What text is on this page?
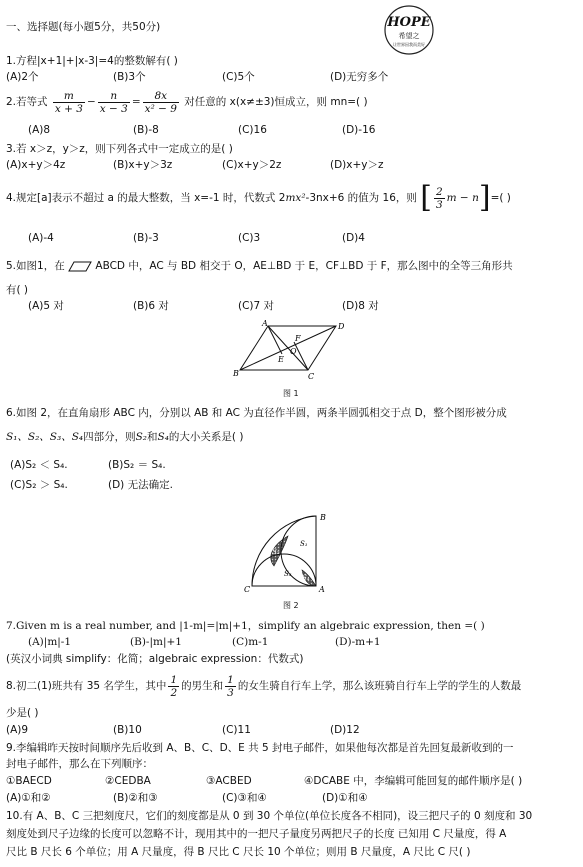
一、选择题(每小题5分，共50分)	HOPE
希望之
让世界因我而美好
1.方程|x+1|+|x-3|=4的整数解有( )
(A)2个	(B)3个	(C)5个	(D)无穷多个
2.若等式 $\frac{m}{x + 3} - \frac{n}{x - 3} = \frac{8x}{\text{x² − 9}}$ 对任意的 x(x≠±3)恒成立，则 mn=( )
(A)8	(B)-8	(C)16	(D)-16
3.若 x＞z，y＞z，则下列各式中一定成立的是( )
(A)x+y＞4z	(B)x+y＞3z	(C)x+y＞2z	(D)x+y＞z
4.规定[a]表示不超过 a 的最大整数，当 x=-1 时，代数式 2mx²-3nx+6 的值为 16，则 [ $\frac{2}{3}$ m − n]=( )
(A)-4	(B)-3	(C)3	(D)4
5.如图1，在	ABCD 中，AC 与 BD 相交于 O，AE⊥BD 于 E，CF⊥BD 于 F，那么图中的全等三角形共
有( )
(A)5 对	(B)6 对	(C)7 对	(D)8 对
A	D
B	C
F
O
E
图 1
6.如图 2，在直角扇形 ABC 内，分别以 AB 和 AC 为直径作半圆，两条半圆弧相交于点 D，整个图形被分成
S₁、S₂、S₃、S₄四部分，则S₂和S₄的大小关系是( )
(A)S₂ ＜ S₄.	(B)S₂ ＝ S₄.
(C)S₂ ＞ S₄.	(D) 无法确定.
B
C	A
S₁
S₂
S₃ S₄
图 2
7.Given m is a real number, and |1-m|=|m|+1，simplify an algebraic expression, then =( )
(A)|m|-1	(B)-|m|+1	(C)m-1	(D)-m+1
(英汉小词典 simplify：化简；algebraic expression：代数式)
8.初二(1)班共有 35 名学生，其中 $\frac{1}{2}$ 的男生和 $\frac{1}{3}$ 的女生骑自行车上学，那么该班骑自行车上学的学生的人数最
少是( )
(A)9	(B)10	(C)11	(D)12
9.李编辑昨天按时间顺序先后收到 A、B、C、D、E 共 5 封电子邮件，如果他每次都是首先回复最新收到的一
封电子邮件，那么在下列顺序：
①BAECD	②CEDBA	③ACBED	④DCABE 中，李编辑可能回复的邮件顺序是( )
(A)①和②	(B)②和③	(C)③和④	(D)①和④
10.有 A、B、C 三把刻度尺，它们的刻度都是从 0 到 30 个单位(单位长度各不相同)，设三把尺子的 0 刻度和 30
刻度处到尺子边缘的长度可以忽略不计，现用其中的一把尺子量度另两把尺子的长度 已知用 C 尺量度，得 A
尺比 B 尺长 6 个单位；用 A 尺量度，得 B 尺比 C 尺长 10 个单位；则用 B 尺量度，A 尺比 C 尺( )
